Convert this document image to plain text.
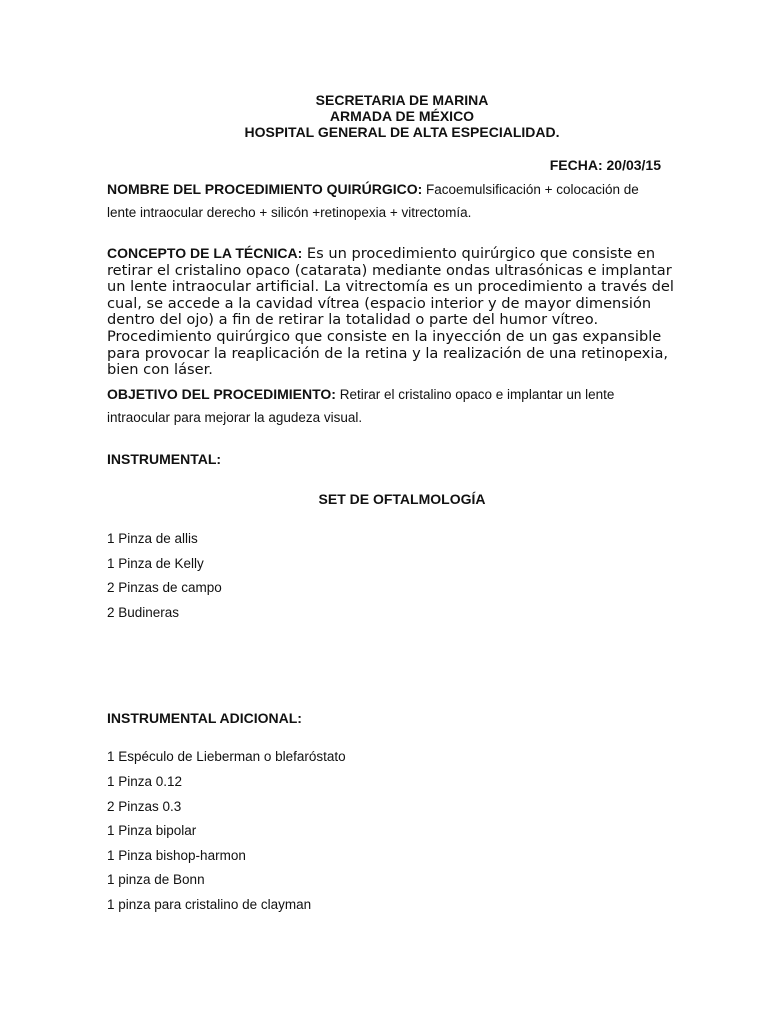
SECRETARIA DE MARINA
ARMADA DE MÉXICO
HOSPITAL GENERAL DE ALTA ESPECIALIDAD.
FECHA: 20/03/15
NOMBRE DEL PROCEDIMIENTO QUIRÚRGICO: Facoemulsificación + colocación de
lente intraocular derecho + silicón +retinopexia + vitrectomía.
CONCEPTO DE LA TÉCNICA: Es un procedimiento quirúrgico que consiste en
retirar el cristalino opaco (catarata) mediante ondas ultrasónicas e implantar
un lente intraocular artificial. La vitrectomía es un procedimiento a través del
cual, se accede a la cavidad vítrea (espacio interior y de mayor dimensión
dentro del ojo) a fin de retirar la totalidad o parte del humor vítreo.
Procedimiento quirúrgico que consiste en la inyección de un gas expansible
para provocar la reaplicación de la retina y la realización de una retinopexia,
bien con láser.
OBJETIVO DEL PROCEDIMIENTO: Retirar el cristalino opaco e implantar un lente
intraocular para mejorar la agudeza visual.
INSTRUMENTAL:
SET DE OFTALMOLOGÍA
1 Pinza de allis
1 Pinza de Kelly
2 Pinzas de campo
2 Budineras
INSTRUMENTAL ADICIONAL:
1 Espéculo de Lieberman o blefaróstato
1 Pinza 0.12
2 Pinzas 0.3
1 Pinza bipolar
1 Pinza bishop-harmon
1 pinza de Bonn
1 pinza para cristalino de clayman
